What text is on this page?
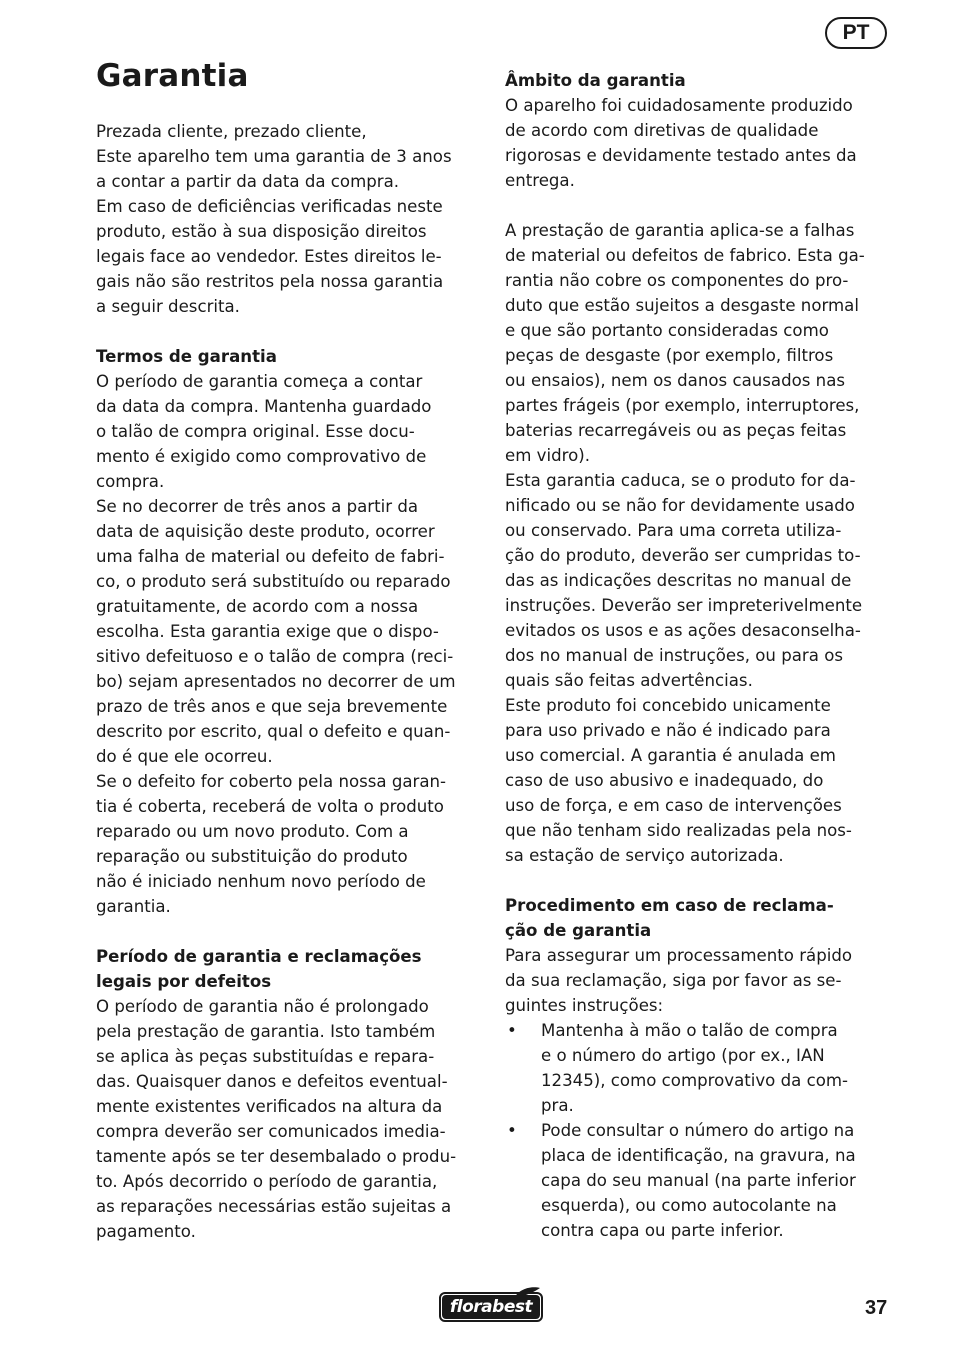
PT
Garantia

Prezada cliente, prezado cliente,
Este aparelho tem uma garantia de 3 anos
a contar a partir da data da compra.
Em caso de deficiências verificadas neste
produto, estão à sua disposição direitos
legais face ao vendedor. Estes direitos le-
gais não são restritos pela nossa garantia
a seguir descrita.

Termos de garantia

O período de garantia começa a contar
da data da compra. Mantenha guardado
o talão de compra original. Esse docu-
mento é exigido como comprovativo de
compra.
Se no decorrer de três anos a partir da
data de aquisição deste produto, ocorrer
uma falha de material ou defeito de fabri-
co, o produto será substituído ou reparado
gratuitamente, de acordo com a nossa
escolha. Esta garantia exige que o dispo-
sitivo defeituoso e o talão de compra (reci-
bo) sejam apresentados no decorrer de um
prazo de três anos e que seja brevemente
descrito por escrito, qual o defeito e quan-
do é que ele ocorreu.
Se o defeito for coberto pela nossa garan-
tia é coberta, receberá de volta o produto
reparado ou um novo produto. Com a
reparação ou substituição do produto
não é iniciado nenhum novo período de
garantia.

Período de garantia e reclamações
legais por defeitos

O período de garantia não é prolongado
pela prestação de garantia. Isto também
se aplica às peças substituídas e repara-
das. Quaisquer danos e defeitos eventual-
mente existentes verificados na altura da
compra deverão ser comunicados imedia-
tamente após se ter desembalado o produ-
to. Após decorrido o período de garantia,
as reparações necessárias estão sujeitas a
pagamento.

Âmbito da garantia

O aparelho foi cuidadosamente produzido
de acordo com diretivas de qualidade
rigorosas e devidamente testado antes da
entrega.

A prestação de garantia aplica-se a falhas
de material ou defeitos de fabrico. Esta ga-
rantia não cobre os componentes do pro-
duto que estão sujeitos a desgaste normal
e que são portanto consideradas como
peças de desgaste (por exemplo, filtros
ou ensaios), nem os danos causados nas
partes frágeis (por exemplo, interruptores,
baterias recarregáveis ou as peças feitas
em vidro).
Esta garantia caduca, se o produto for da-
nificado ou se não for devidamente usado
ou conservado. Para uma correta utiliza-
ção do produto, deverão ser cumpridas to-
das as indicações descritas no manual de
instruções. Deverão ser impreterivelmente
evitados os usos e as ações desaconselha-
dos no manual de instruções, ou para os
quais são feitas advertências.
Este produto foi concebido unicamente
para uso privado e não é indicado para
uso comercial. A garantia é anulada em
caso de uso abusivo e inadequado, do
uso de força, e em caso de intervenções
que não tenham sido realizadas pela nos-
sa estação de serviço autorizada.

Procedimento em caso de reclama-
ção de garantia

Para assegurar um processamento rápido
da sua reclamação, siga por favor as se-
guintes instruções:

• Mantenha à mão o talão de compra
e o número do artigo (por ex., IAN
12345), como comprovativo da com-
pra.
• Pode consultar o número do artigo na
placa de identificação, na gravura, na
capa do seu manual (na parte inferior
esquerda), ou como autocolante na
contra capa ou parte inferior.
florabest	37
